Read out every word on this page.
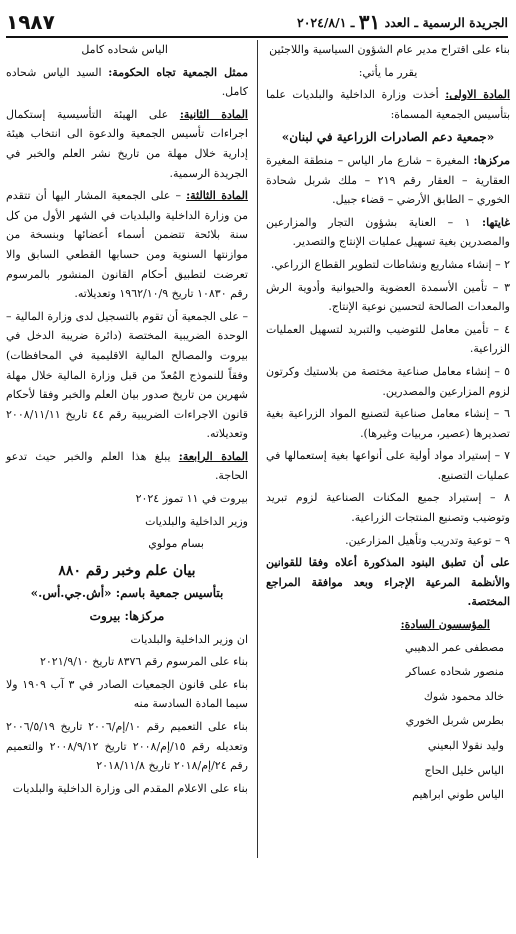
الجريدة الرسمية ـ العدد ٣١ ـ ٢٠٢٤/٨/١
١٩٨٧

بناء على اقتراح مدير عام الشؤون السياسية واللاجئين

يقرر ما يأتي:

المادة الاولى: أخذت وزارة الداخلية والبلديات علما بتأسيس الجمعية المسماة:

«جمعية دعم الصادرات الزراعية في لبنان»

مركزها: المغيرة – شارع مار الياس – منطقة المغيرة العقارية – العقار رقم ٢١٩ – ملك شربل شحادة الخوري – الطابق الأرضي – قضاء جبيل.

غايتها: ١ – العناية بشؤون التجار والمزارعين والمصدرين بغية تسهيل عمليات الإنتاج والتصدير.

٢ – إنشاء مشاريع ونشاطات لتطوير القطاع الزراعي.

٣ – تأمين الأسمدة العضوية والحيوانية وأدوية الرش والمعدات الصالحة لتحسين نوعية الإنتاج.

٤ – تأمين معامل للتوضيب والتبريد لتسهيل العمليات الزراعية.

٥ – إنشاء معامل صناعية مختصة من بلاستيك وكرتون لزوم المزارعين والمصدرين.

٦ – إنشاء معامل صناعية لتصنيع المواد الزراعية بغية تصديرها (عصير، مربيات وغيرها).

٧ – إستيراد مواد أولية على أنواعها بغية إستعمالها في عمليات التصنيع.

٨ – إستيراد جميع المكنات الصناعية لزوم تبريد وتوضيب وتصنيع المنتجات الزراعية.

٩ – توعية وتدريب وتأهيل المزارعين.

على أن تطبق البنود المذكورة أعلاه وفقا للقوانين والأنظمة المرعية الإجراء وبعد موافقة المراجع المختصة.

المؤسسون السادة:

مصطفى عمر الدهيبي
منصور شحاده عساكر
خالد محمود شوك
بطرس شربل الخوري
وليد نقولا البعيني
الياس خليل الحاج
الياس طوني ابراهيم

الياس شحاده كامل

ممثل الجمعية تجاه الحكومة: السيد الياس شحاده كامل.

المادة الثانية: على الهيئة التأسيسية إستكمال اجراءات تأسيس الجمعية والدعوة الى انتخاب هيئة إدارية خلال مهلة من تاريخ نشر العلم والخبر في الجريدة الرسمية.

المادة الثالثة: – على الجمعية المشار اليها أن تتقدم من وزارة الداخلية والبلديات في الشهر الأول من كل سنة بلائحة تتضمن أسماء أعضائها وبنسخة من موازنتها السنوية ومن حسابها القطعي السابق والا تعرضت لتطبيق أحكام القانون المنشور بالمرسوم رقم ١٠٨٣٠ تاريخ ١٩٦٢/١٠/٩ وتعديلاته.

– على الجمعية أن تقوم بالتسجيل لدى وزارة المالية – الوحدة الضريبية المختصة (دائرة ضريبة الدخل في بيروت والمصالح المالية الاقليمية في المحافظات) وفقاً للنموذج المُعدّ من قبل وزارة المالية خلال مهلة شهرين من تاريخ صدور بيان العلم والخبر وفقا لأحكام قانون الاجراءات الضريبية رقم ٤٤ تاريخ ٢٠٠٨/١١/١١ وتعديلاته.

المادة الرابعة: يبلغ هذا العلم والخبر حيث تدعو الحاجة.

بيروت في ١١ تموز ٢٠٢٤

وزير الداخلية والبلديات

بسام مولوي

بيان علم وخبر رقم ٨٨٠

بتأسيس جمعية باسم: «أش.جي.أس.»

مركزها: بيروت

ان وزير الداخلية والبلديات

بناء على المرسوم رقم ٨٣٧٦ تاريخ ٢٠٢١/٩/١٠

بناء على قانون الجمعيات الصادر في ٣ آب ١٩٠٩ ولا سيما المادة السادسة منه

بناء على التعميم رقم ١٠/إم/٢٠٠٦ تاريخ ٢٠٠٦/٥/١٩ وتعديله رقم ١٥/إم/٢٠٠٨ تاريخ ٢٠٠٨/٩/١٢ والتعميم رقم ٢٤/إم/٢٠١٨ تاريخ ٢٠١٨/١١/٨

بناء على الاعلام المقدم الى وزارة الداخلية والبلديات
